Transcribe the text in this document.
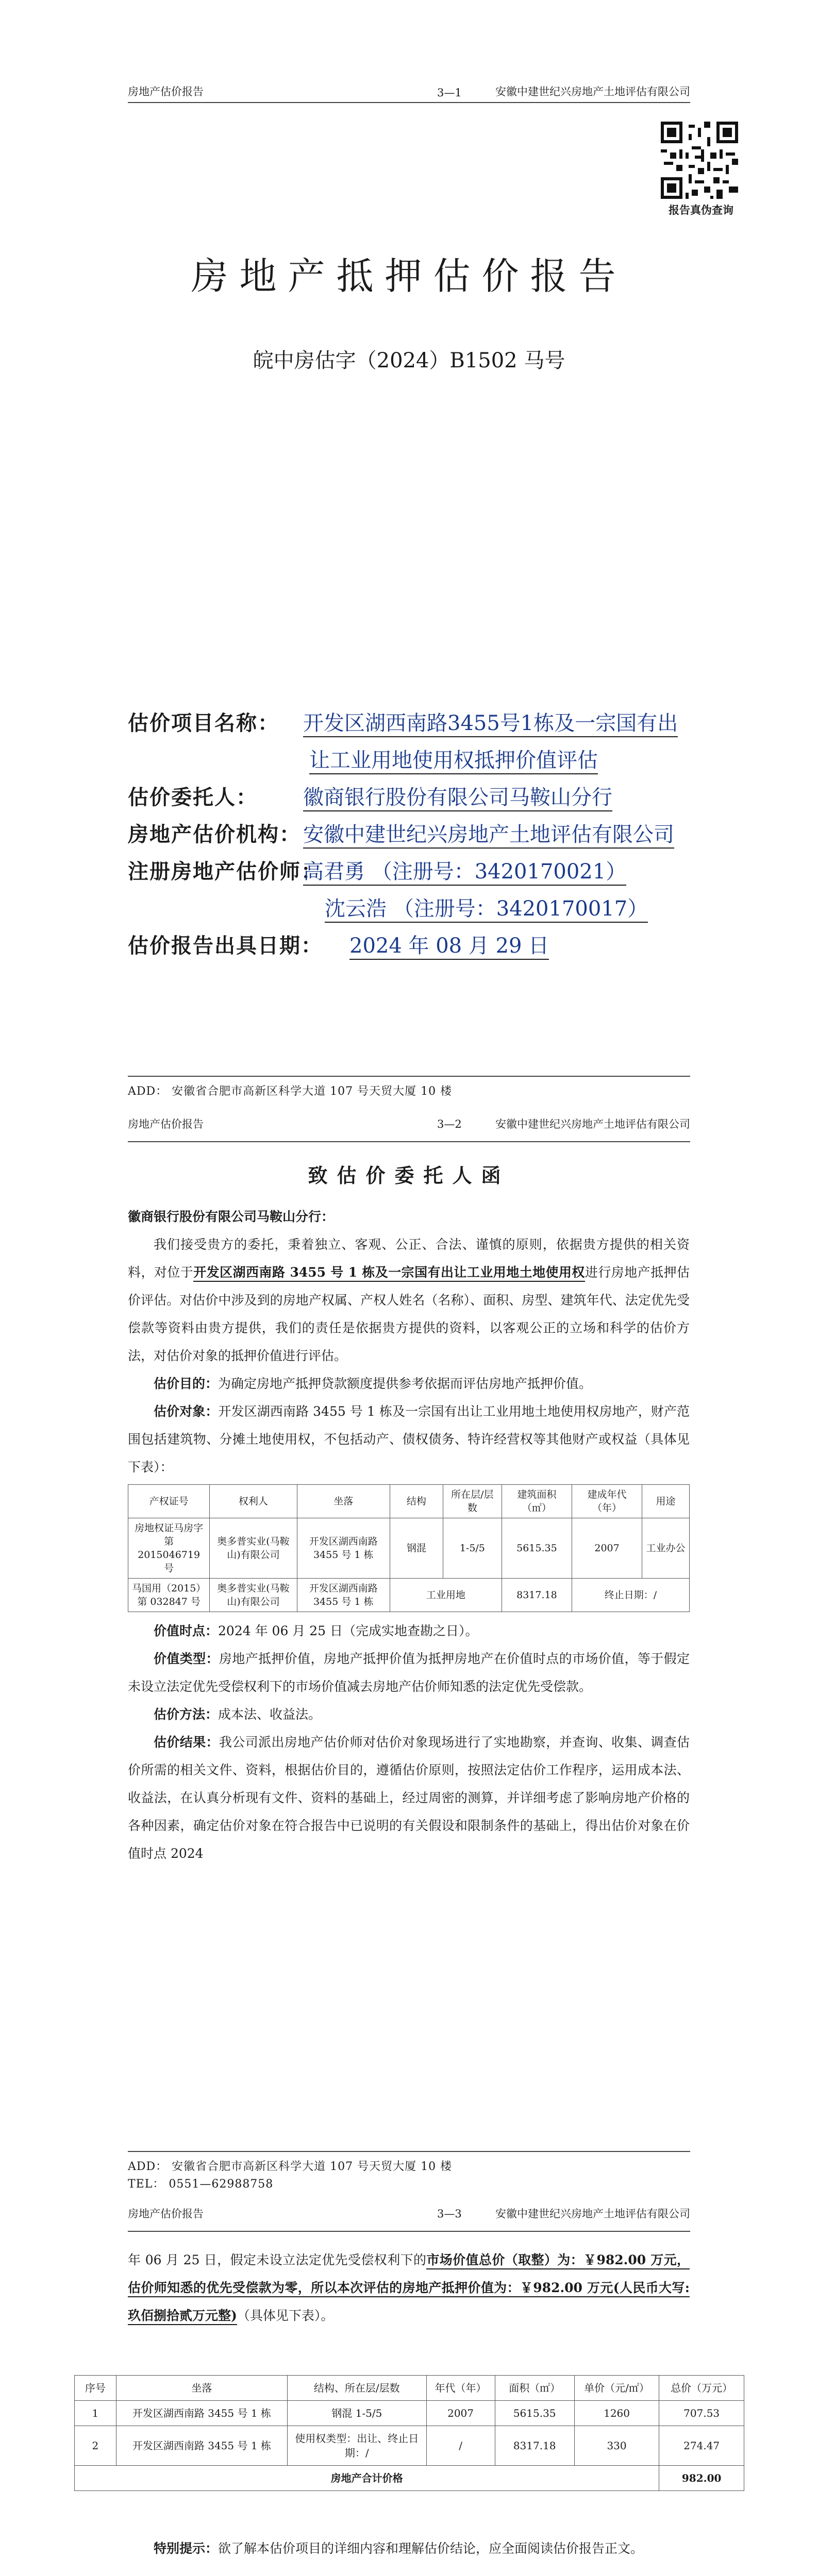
房地产估价报告	3—1	安徽中建世纪兴房地产土地评估有限公司
报告真伪查询
房地产抵押估价报告
皖中房估字（2024）B1502 马号
估价项目名称：	开发区湖西南路3455号1栋及一宗国有出
让工业用地使用权抵押价值评估
估价委托人：	徽商银行股份有限公司马鞍山分行
房地产估价机构： 安徽中建世纪兴房地产土地评估有限公司
注册房地产估价师：
高君勇 （注册号：3420170021）
沈云浩 （注册号：3420170017）
估价报告出具日期：	2024 年 08 月 29 日
ADD： 安徽省合肥市高新区科学大道 107 号天贸大厦 10 楼
房地产估价报告	3—2	安徽中建世纪兴房地产土地评估有限公司
致估价委托人函
徽商银行股份有限公司马鞍山分行：

我们接受贵方的委托，秉着独立、客观、公正、合法、谨慎的原则，依据贵方提供的相关资料，对位于开发区湖西南路 3455 号 1 栋及一宗国有出让工业用地土地使用权进行房地产抵押估价评估。对估价中涉及到的房地产权属、产权人姓名（名称）、面积、房型、建筑年代、法定优先受偿款等资料由贵方提供，我们的责任是依据贵方提供的资料，以客观公正的立场和科学的估价方法，对估价对象的抵押价值进行评估。

估价目的：为确定房地产抵押贷款额度提供参考依据而评估房地产抵押价值。

估价对象：开发区湖西南路 3455 号 1 栋及一宗国有出让工业用地土地使用权房地产，财产范围包括建筑物、分摊土地使用权，不包括动产、债权债务、特许经营权等其他财产或权益（具体见下表）：

产权证号	权利人	坐落	结构	所在层/层数	建筑面积（㎡）	建成年代（年）	用途
房地权证马房字第 2015046719 号	奥多普实业(马鞍山)有限公司	开发区湖西南路 3455 号 1 栋	钢混	1-5/5	5615.35	2007	工业办公
马国用（2015）第 032847 号	奥多普实业(马鞍山)有限公司	开发区湖西南路 3455 号 1 栋	工业用地		8317.18	终止日期：/	

价值时点：2024 年 06 月 25 日（完成实地查勘之日）。

价值类型：房地产抵押价值，房地产抵押价值为抵押房地产在价值时点的市场价值，等于假定未设立法定优先受偿权利下的市场价值减去房地产估价师知悉的法定优先受偿款。

估价方法：成本法、收益法。

估价结果：我公司派出房地产估价师对估价对象现场进行了实地勘察，并查询、收集、调查估价所需的相关文件、资料，根据估价目的，遵循估价原则，按照法定估价工作程序，运用成本法、收益法，在认真分析现有文件、资料的基础上，经过周密的测算，并详细考虑了影响房地产价格的各种因素，确定估价对象在符合报告中已说明的有关假设和限制条件的基础上，得出估价对象在价值时点 2024

ADD： 安徽省合肥市高新区科学大道 107 号天贸大厦 10 楼
TEL： 0551—62988758
房地产估价报告	3—3	安徽中建世纪兴房地产土地评估有限公司

年 06 月 25 日，假定未设立法定优先受偿权利下的市场价值总价（取整）为：￥982.00 万元，估价师知悉的优先受偿款为零，所以本次评估的房地产抵押价值为：￥982.00 万元(人民币大写:玖佰捌拾贰万元整)（具体见下表）。

序号	坐落	结构、所在层/层数	年代（年）	面积（㎡）	单价（元/㎡）	总价（万元）
1	开发区湖西南路 3455 号 1 栋	钢混 1-5/5	2007	5615.35	1260	707.53
2	开发区湖西南路 3455 号 1 栋	使用权类型：出让、终止日期：/	/	8317.18	330	274.47
房地产合计价格						982.00

特别提示：欲了解本估价项目的详细内容和理解估价结论，应全面阅读估价报告正文。
